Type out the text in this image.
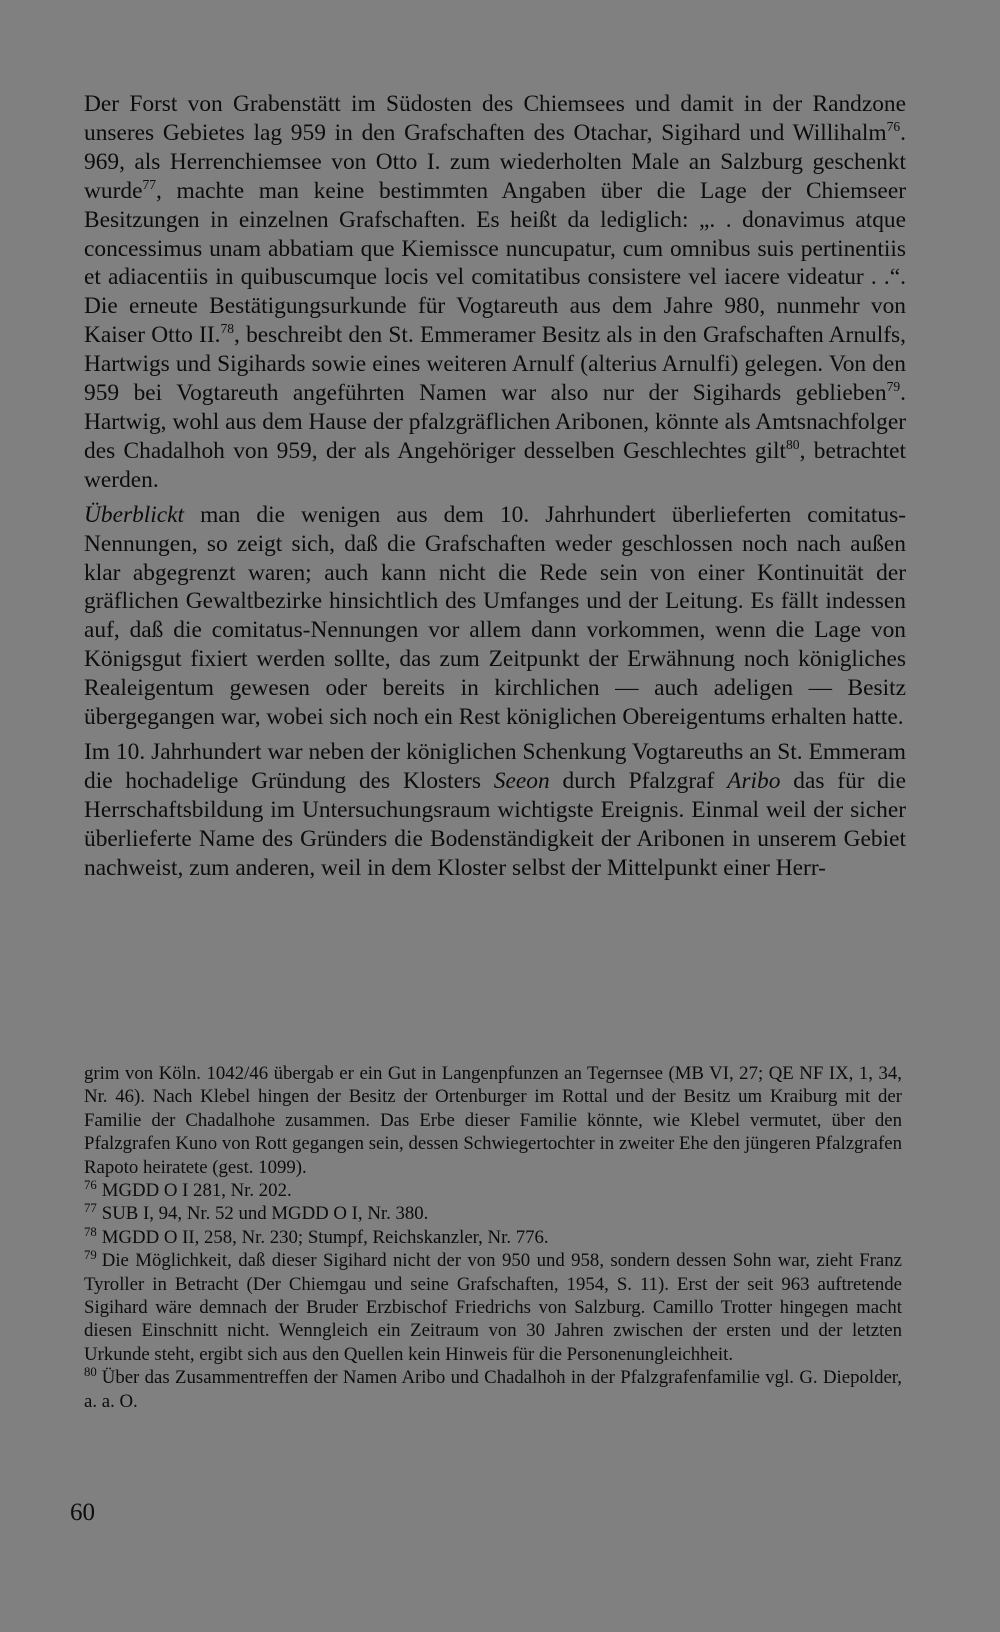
Der Forst von Grabenstätt im Südosten des Chiemsees und damit in der Randzone unseres Gebietes lag 959 in den Grafschaften des Otachar, Sigihard und Willihalm$^{76}$. 969, als Herrenchiemsee von Otto I. zum wiederholten Male an Salzburg geschenkt wurde$^{77}$, machte man keine bestimmten Angaben über die Lage der Chiemseer Besitzungen in einzelnen Grafschaften. Es heißt da lediglich: „. . donavimus atque concessimus unam abbatiam que Kiemissce nuncupatur, cum omnibus suis pertinentiis et adiacentiis in quibuscumque locis vel comitatibus consistere vel iacere videatur . .“. Die erneute Bestätigungsurkunde für Vogtareuth aus dem Jahre 980, nunmehr von Kaiser Otto II.$^{78}$, beschreibt den St. Emmeramer Besitz als in den Grafschaften Arnulfs, Hartwigs und Sigihards sowie eines weiteren Arnulf (alterius Arnulfi) gelegen. Von den 959 bei Vogtareuth angeführten Namen war also nur der Sigihards geblieben$^{79}$. Hartwig, wohl aus dem Hause der pfalzgräflichen Aribonen, könnte als Amtsnachfolger des Chadalhoh von 959, der als Angehöriger desselben Geschlechtes gilt$^{80}$, betrachtet werden.

Überblickt man die wenigen aus dem 10. Jahrhundert überlieferten comitatus-Nennungen, so zeigt sich, daß die Grafschaften weder geschlossen noch nach außen klar abgegrenzt waren; auch kann nicht die Rede sein von einer Kontinuität der gräflichen Gewaltbezirke hinsichtlich des Umfanges und der Leitung. Es fällt indessen auf, daß die comitatus-Nennungen vor allem dann vorkommen, wenn die Lage von Königsgut fixiert werden sollte, das zum Zeitpunkt der Erwähnung noch königliches Realeigentum gewesen oder bereits in kirchlichen — auch adeligen — Besitz übergegangen war, wobei sich noch ein Rest königlichen Obereigentums erhalten hatte.

Im 10. Jahrhundert war neben der königlichen Schenkung Vogtareuths an St. Emmeram die hochadelige Gründung des Klosters Seeon durch Pfalzgraf Aribo das für die Herrschaftsbildung im Untersuchungsraum wichtigste Ereignis. Einmal weil der sicher überlieferte Name des Gründers die Bodenständigkeit der Aribonen in unserem Gebiet nachweist, zum anderen, weil in dem Kloster selbst der Mittelpunkt einer Herr-

grim von Köln. 1042/46 übergab er ein Gut in Langenpfunzen an Tegernsee (MB VI, 27; QE NF IX, 1, 34, Nr. 46). Nach Klebel hingen der Besitz der Ortenburger im Rottal und der Besitz um Kraiburg mit der Familie der Chadalhohe zusammen. Das Erbe dieser Familie könnte, wie Klebel vermutet, über den Pfalzgrafen Kuno von Rott gegangen sein, dessen Schwiegertochter in zweiter Ehe den jüngeren Pfalzgrafen Rapoto heiratete (gest. 1099).

$^{76}$ MGDD O I 281, Nr. 202.

$^{77}$ SUB I, 94, Nr. 52 und MGDD O I, Nr. 380.

$^{78}$ MGDD O II, 258, Nr. 230; Stumpf, Reichskanzler, Nr. 776.

$^{79}$ Die Möglichkeit, daß dieser Sigihard nicht der von 950 und 958, sondern dessen Sohn war, zieht Franz Tyroller in Betracht (Der Chiemgau und seine Grafschaften, 1954, S. 11). Erst der seit 963 auftretende Sigihard wäre demnach der Bruder Erzbischof Friedrichs von Salzburg. Camillo Trotter hingegen macht diesen Einschnitt nicht. Wenngleich ein Zeitraum von 30 Jahren zwischen der ersten und der letzten Urkunde steht, ergibt sich aus den Quellen kein Hinweis für die Personenungleichheit.

$^{80}$ Über das Zusammentreffen der Namen Aribo und Chadalhoh in der Pfalzgrafenfamilie vgl. G. Diepolder, a. a. O.

60
